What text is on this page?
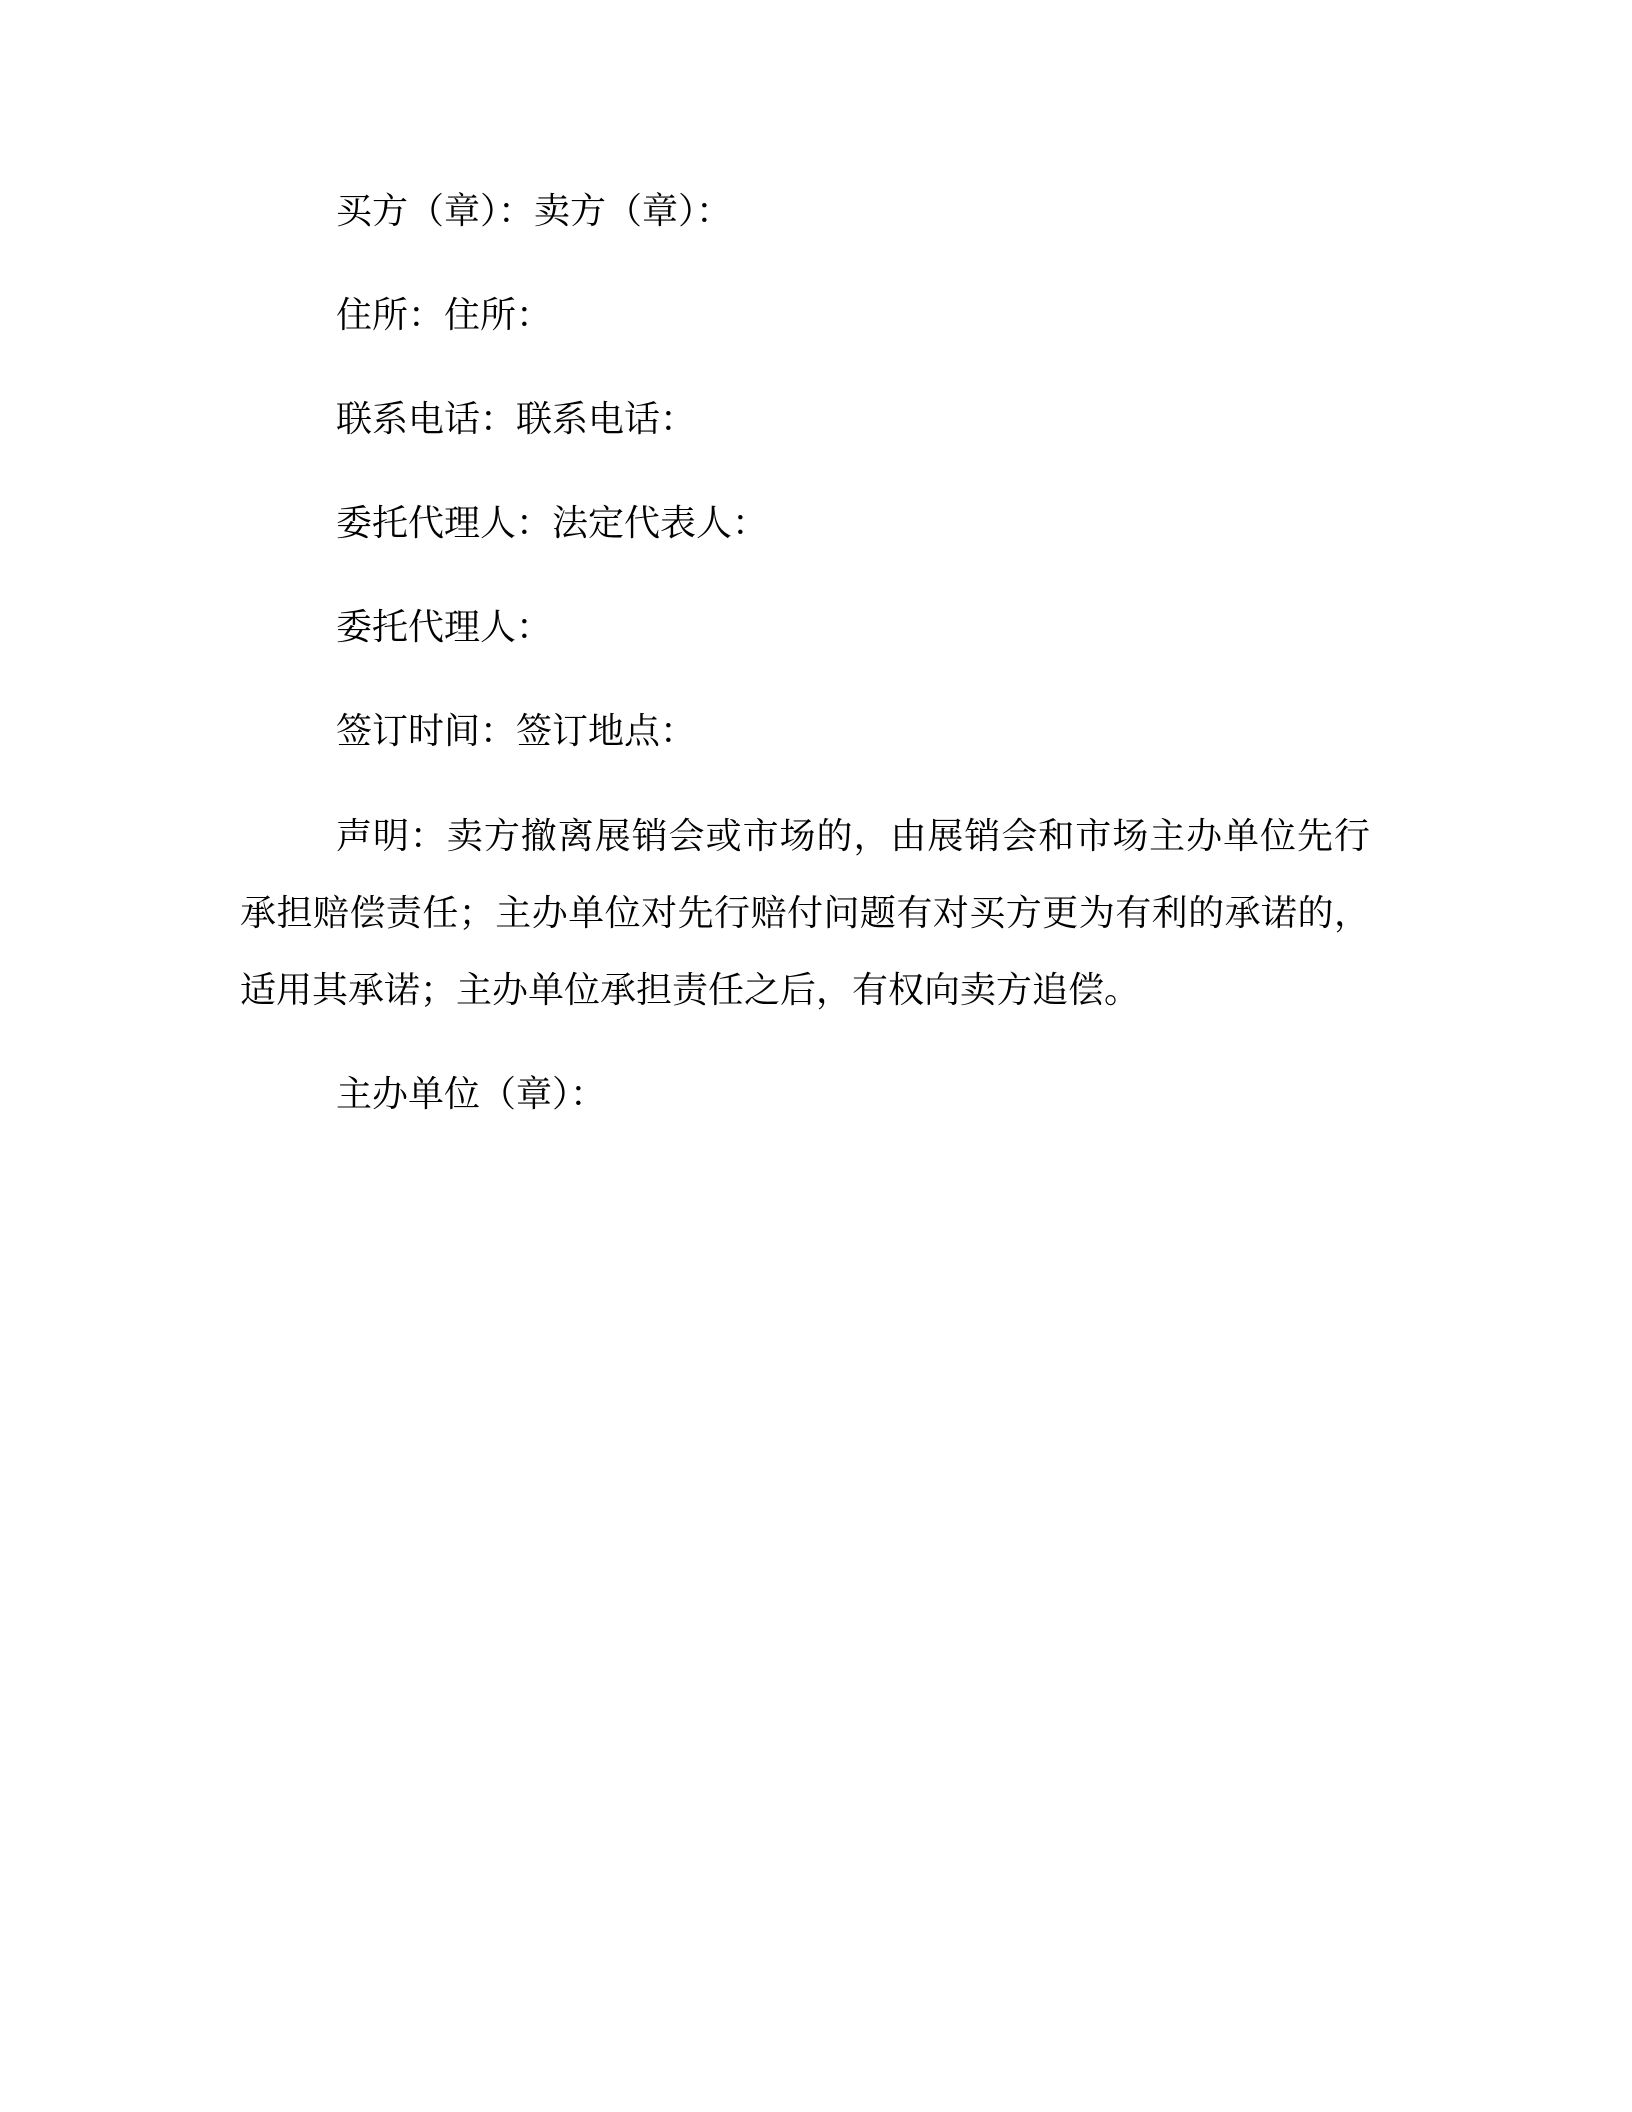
买方（章）：卖方（章）：
住所：住所：
联系电话：联系电话：
委托代理人：法定代表人：
委托代理人：
签订时间：签订地点：

声明：卖方撤离展销会或市场的，由展销会和市场主办单位先行承担赔偿责任；主办单位对先行赔付问题有对买方更为有利的承诺的，适用其承诺；主办单位承担责任之后，有权向卖方追偿。

主办单位（章）：
